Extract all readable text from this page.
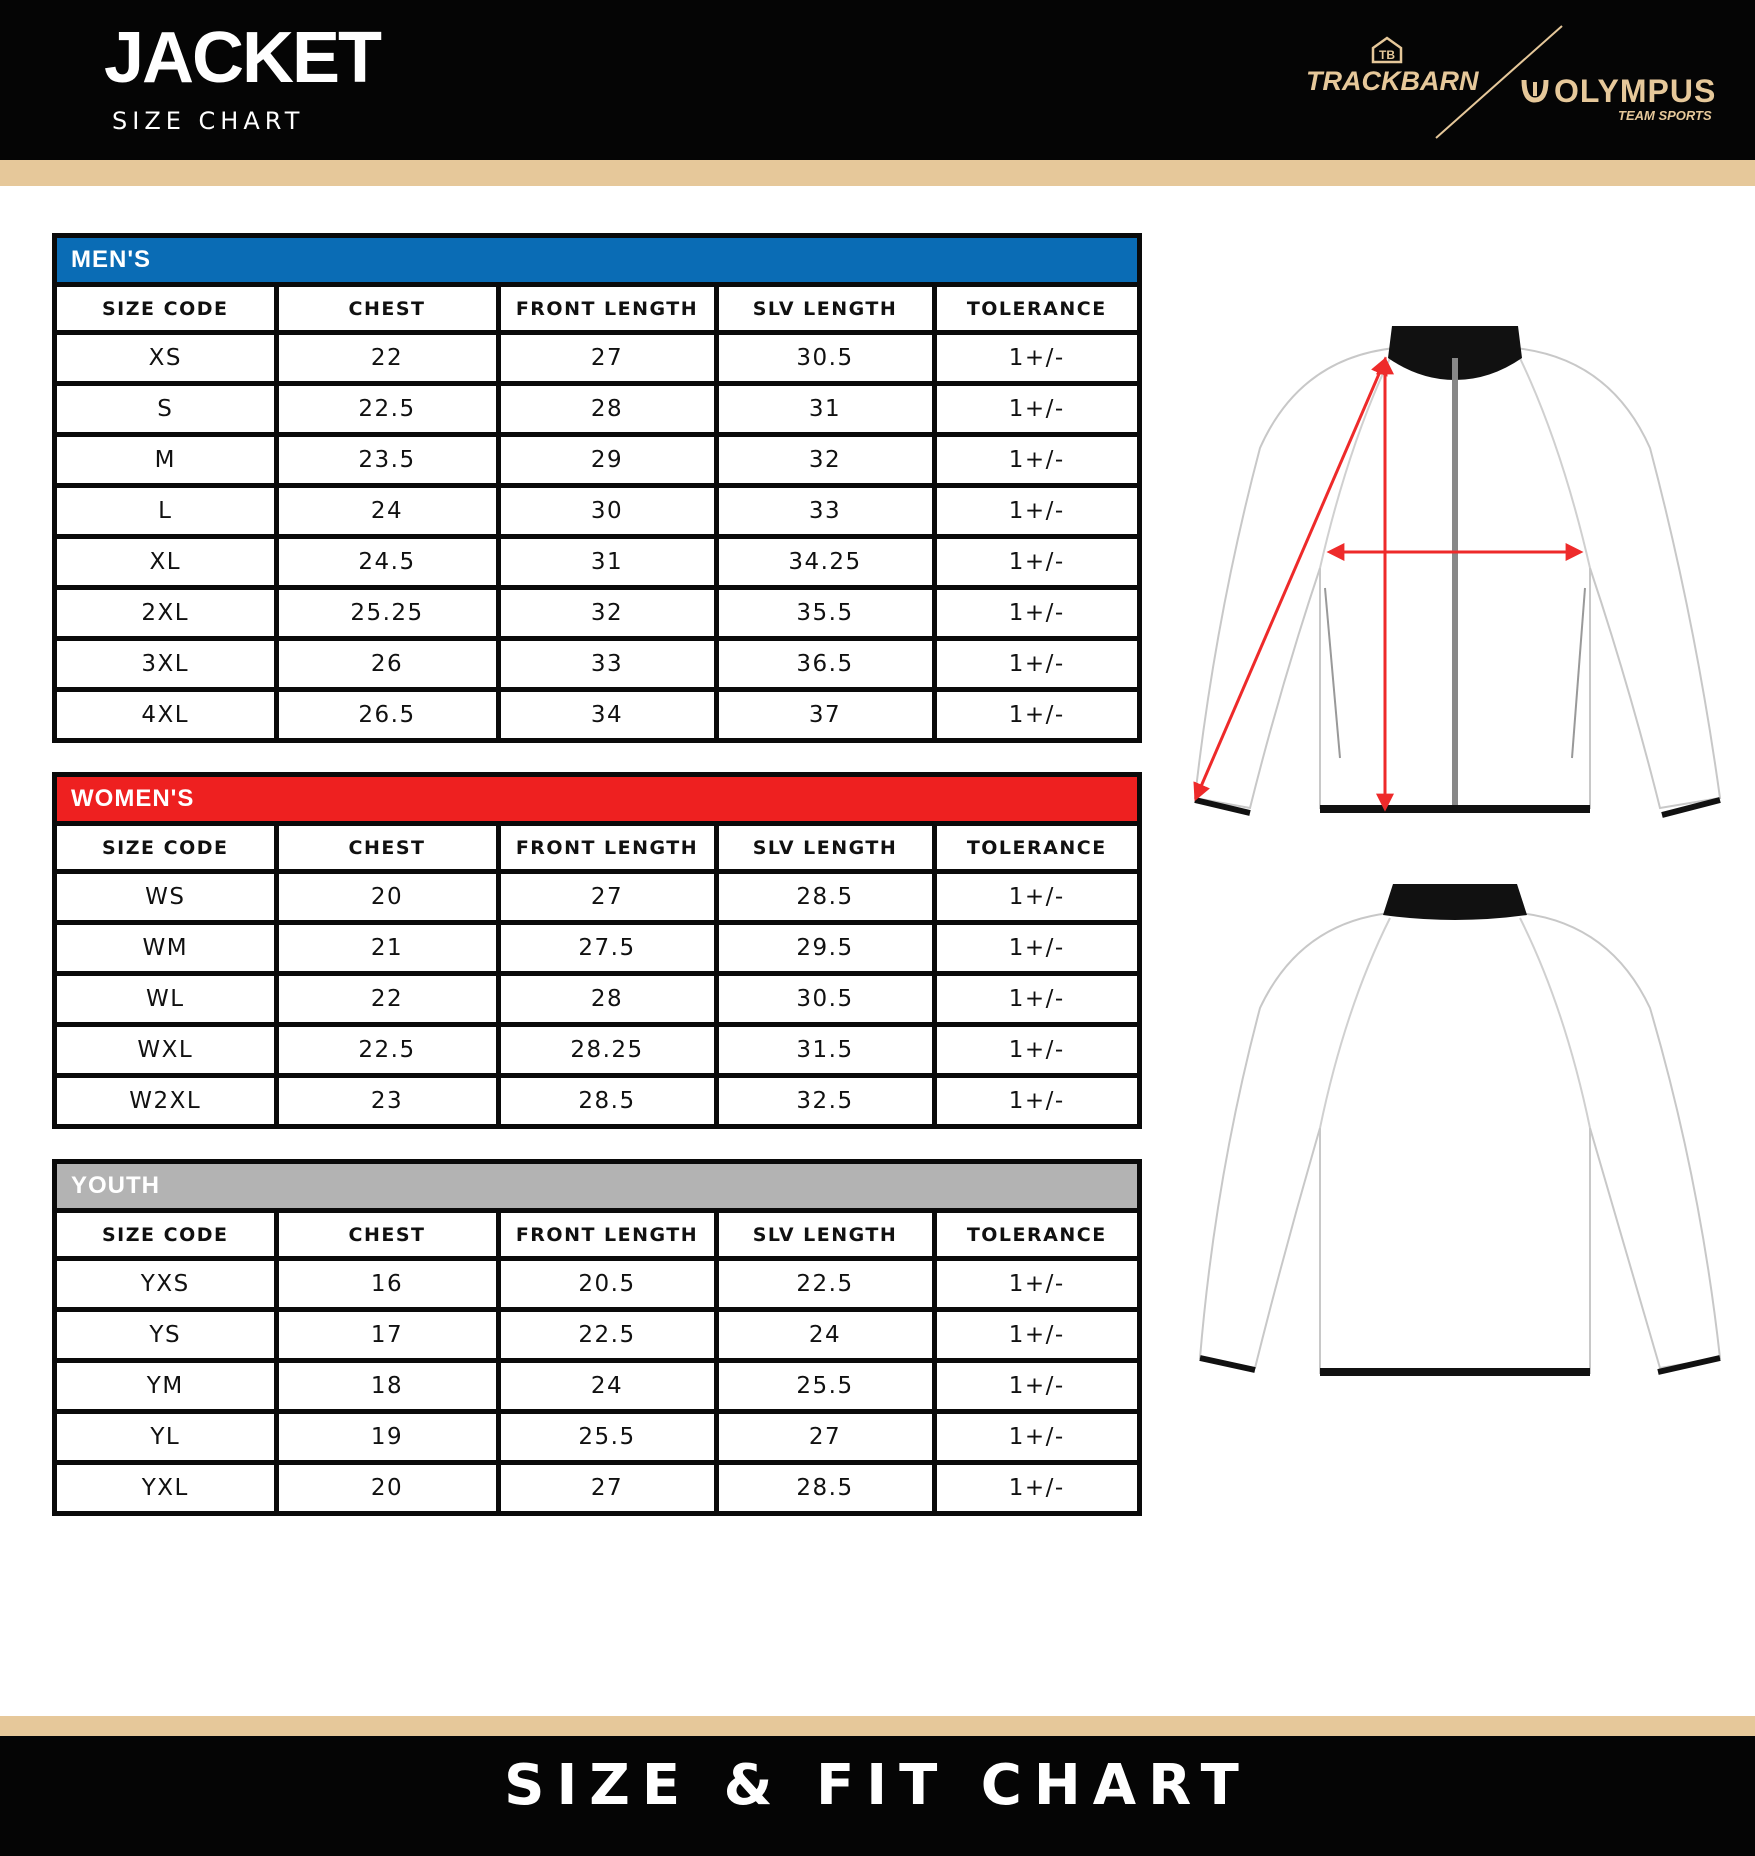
JACKET
SIZE CHART
TB
TRACKBARN OLYMPUS
TEAM SPORTS
MEN'S
SIZE CODE	CHEST	FRONT LENGTH	SLV LENGTH	TOLERANCE
XS	22	27	30.5	1+/-
S	22.5	28	31	1+/-
M	23.5	29	32	1+/-
L	24	30	33	1+/-
XL	24.5	31	34.25	1+/-
2XL	25.25	32	35.5	1+/-
3XL	26	33	36.5	1+/-
4XL	26.5	34	37	1+/-
WOMEN'S
SIZE CODE	CHEST	FRONT LENGTH	SLV LENGTH	TOLERANCE
WS	20	27	28.5	1+/-
WM	21	27.5	29.5	1+/-
WL	22	28	30.5	1+/-
WXL	22.5	28.25	31.5	1+/-
W2XL	23	28.5	32.5	1+/-
YOUTH
SIZE CODE	CHEST	FRONT LENGTH	SLV LENGTH	TOLERANCE
YXS	16	20.5	22.5	1+/-
YS	17	22.5	24	1+/-
YM	18	24	25.5	1+/-
YL	19	25.5	27	1+/-
YXL	20	27	28.5	1+/-
SIZE & FIT CHART
